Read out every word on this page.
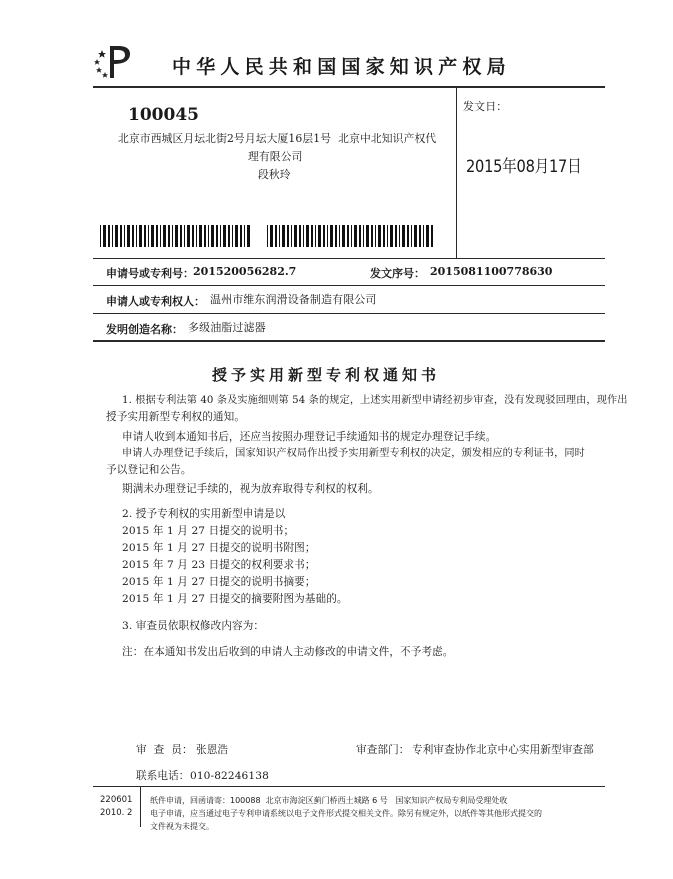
中华人民共和国国家知识产权局
100045
北京市西城区月坛北街2号月坛大厦16层1号  北京中北知识产权代
理有限公司
段秋玲
发文日：
2015年08月17日
申请号或专利号： 201520056282.7	发文序号： 2015081100778630
申请人或专利权人： 温州市维东润滑设备制造有限公司
发明创造名称： 多级油脂过滤器
授予实用新型专利权通知书
1. 根据专利法第 40 条及实施细则第 54 条的规定，上述实用新型申请经初步审查，没有发现驳回理由，现作出
授予实用新型专利权的通知。
申请人收到本通知书后，还应当按照办理登记手续通知书的规定办理登记手续。
申请人办理登记手续后，国家知识产权局作出授予实用新型专利权的决定，颁发相应的专利证书，同时
予以登记和公告。
期满未办理登记手续的，视为放弃取得专利权的权利。
2. 授予专利权的实用新型申请是以
2015 年 1 月 27 日提交的说明书；
2015 年 1 月 27 日提交的说明书附图；
2015 年 7 月 23 日提交的权利要求书；
2015 年 1 月 27 日提交的说明书摘要；
2015 年 1 月 27 日提交的摘要附图为基础的。
3. 审查员依职权修改内容为：
注：在本通知书发出后收到的申请人主动修改的申请文件，不予考虑。
审  查  员： 张恩浩	审查部门： 专利审查协作北京中心实用新型审查部
联系电话： 010-82246138
220601
2010. 2
纸件申请，回函请寄：100088  北京市海淀区蓟门桥西土城路 6 号   国家知识产权局专利局受理处收
电子申请，应当通过电子专利申请系统以电子文件形式提交相关文件。除另有规定外，以纸件等其他形式提交的
文件视为未提交。
